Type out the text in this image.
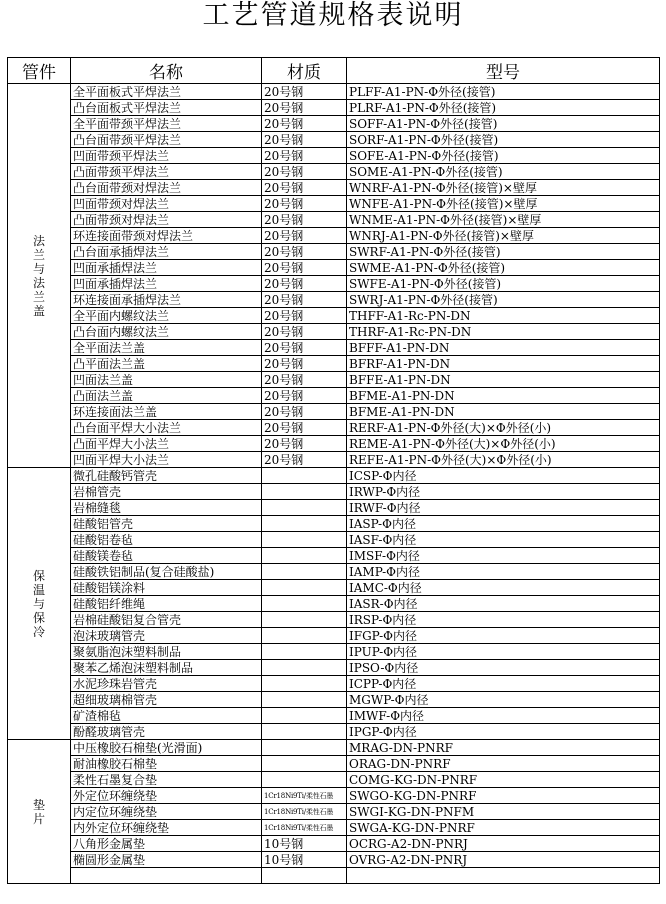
工艺管道规格表说明
管件	名称	材质	型号
法兰与法兰盖	全平面板式平焊法兰	20号钢	PLFF-A1-PN-Φ外径(接管)
	凸台面板式平焊法兰	20号钢	PLRF-A1-PN-Φ外径(接管)
	全平面带颈平焊法兰	20号钢	SOFF-A1-PN-Φ外径(接管)
	凸台面带颈平焊法兰	20号钢	SORF-A1-PN-Φ外径(接管)
	凹面带颈平焊法兰	20号钢	SOFE-A1-PN-Φ外径(接管)
	凸面带颈平焊法兰	20号钢	SOME-A1-PN-Φ外径(接管)
	凸台面带颈对焊法兰	20号钢	WNRF-A1-PN-Φ外径(接管)×壁厚
	凹面带颈对焊法兰	20号钢	WNFE-A1-PN-Φ外径(接管)×壁厚
	凸面带颈对焊法兰	20号钢	WNME-A1-PN-Φ外径(接管)×壁厚
	环连接面带颈对焊法兰	20号钢	WNRJ-A1-PN-Φ外径(接管)×壁厚
	凸台面承插焊法兰	20号钢	SWRF-A1-PN-Φ外径(接管)
	凹面承插焊法兰	20号钢	SWME-A1-PN-Φ外径(接管)
	凹面承插焊法兰	20号钢	SWFE-A1-PN-Φ外径(接管)
	环连接面承插焊法兰	20号钢	SWRJ-A1-PN-Φ外径(接管)
	全平面内螺纹法兰	20号钢	THFF-A1-Rc-PN-DN
	凸台面内螺纹法兰	20号钢	THRF-A1-Rc-PN-DN
	全平面法兰盖	20号钢	BFFF-A1-PN-DN
	凸平面法兰盖	20号钢	BFRF-A1-PN-DN
	凹面法兰盖	20号钢	BFFE-A1-PN-DN
	凸面法兰盖	20号钢	BFME-A1-PN-DN
	环连接面法兰盖	20号钢	BFME-A1-PN-DN
	凸台面平焊大小法兰	20号钢	RERF-A1-PN-Φ外径(大)×Φ外径(小)
	凸面平焊大小法兰	20号钢	REME-A1-PN-Φ外径(大)×Φ外径(小)
	凹面平焊大小法兰	20号钢	REFE-A1-PN-Φ外径(大)×Φ外径(小)
保温与保冷	微孔硅酸钙管壳		ICSP-Φ内径
	岩棉管壳		IRWP-Φ内径
	岩棉缝毯		IRWF-Φ内径
	硅酸铝管壳		IASP-Φ内径
	硅酸铝卷毡		IASF-Φ内径
	硅酸镁卷毡		IMSF-Φ内径
	硅酸铁铝制品(复合硅酸盐)		IAMP-Φ内径
	硅酸铝镁涂料		IAMC-Φ内径
	硅酸铝纤维绳		IASR-Φ内径
	岩棉硅酸铝复合管壳		IRSP-Φ内径
	泡沫玻璃管壳		IFGP-Φ内径
	聚氨脂泡沫塑料制品		IPUP-Φ内径
	聚苯乙烯泡沫塑料制品		IPSO-Φ内径
	水泥珍珠岩管壳		ICPP-Φ内径
	超细玻璃棉管壳		MGWP-Φ内径
	矿渣棉毡		IMWF-Φ内径
	酚醛玻璃管壳		IPGP-Φ内径
垫片	中压橡胶石棉垫(光滑面)		MRAG-DN-PNRF
	耐油橡胶石棉垫		ORAG-DN-PNRF
	柔性石墨复合垫		COMG-KG-DN-PNRF
	外定位环缠绕垫	1Cr18Ni9Ti/柔性石墨	SWGO-KG-DN-PNRF
	内定位环缠绕垫	1Cr18Ni9Ti/柔性石墨	SWGI-KG-DN-PNFM
	内外定位环缠绕垫	1Cr18Ni9Ti/柔性石墨	SWGA-KG-DN-PNRF
	八角形金属垫	10号钢	OCRG-A2-DN-PNRJ
	椭圆形金属垫	10号钢	OVRG-A2-DN-PNRJ
